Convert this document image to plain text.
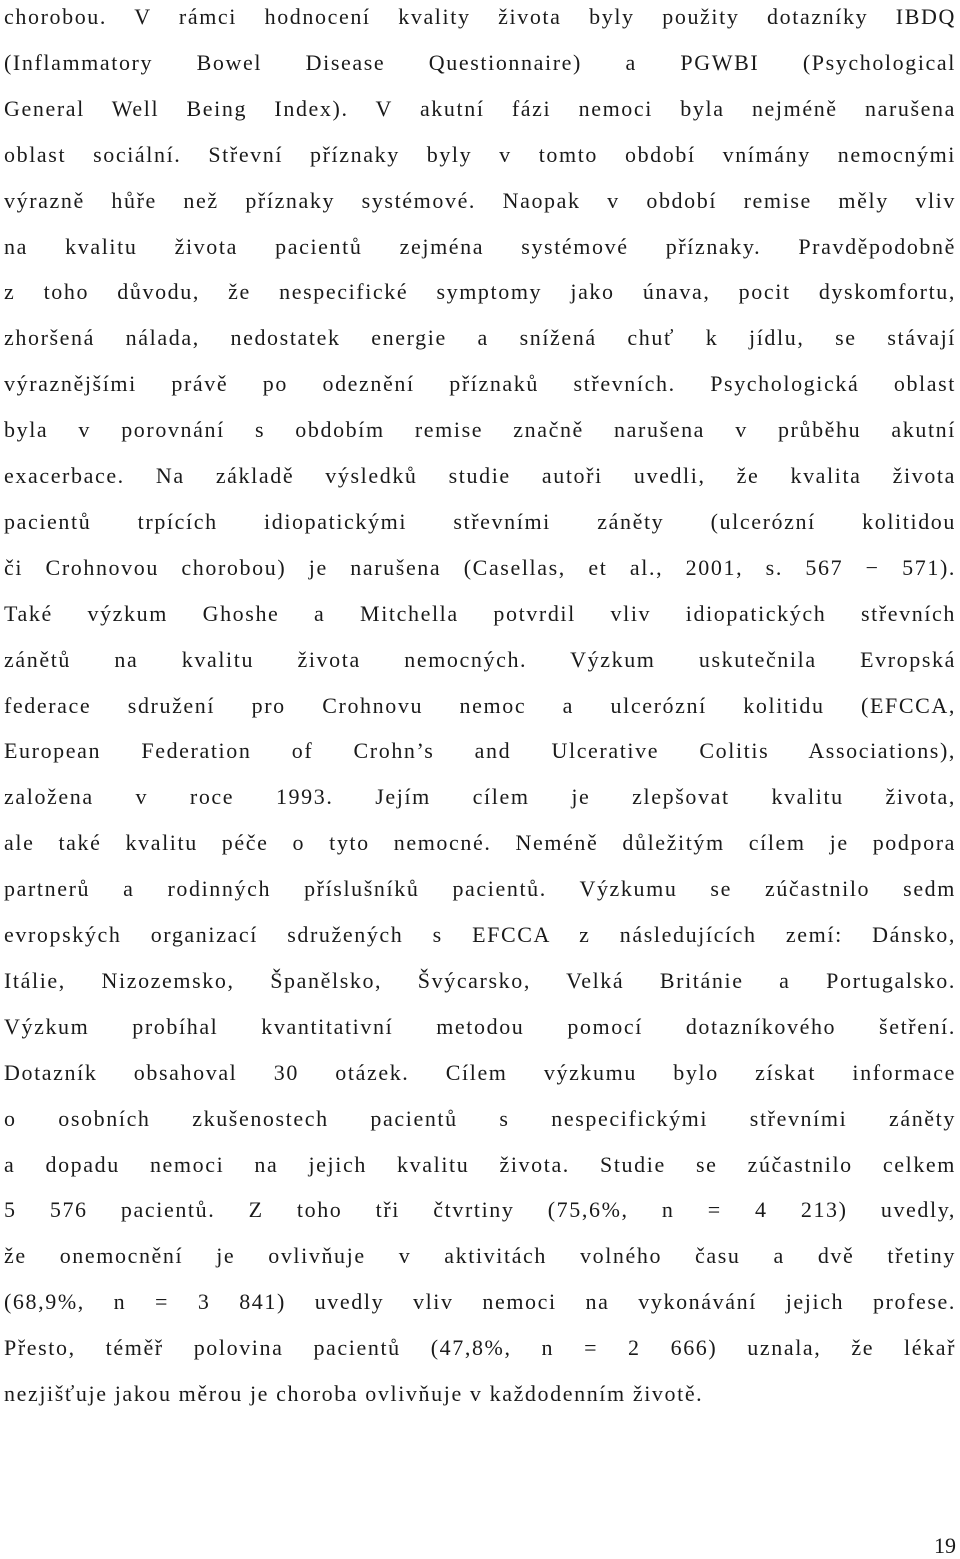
chorobou. V rámci hodnocení kvality života byly použity dotazníky IBDQ
(Inflammatory Bowel Disease Questionnaire) a PGWBI (Psychological
General Well Being Index). V akutní fázi nemoci byla nejméně narušena
oblast sociální. Střevní příznaky byly v tomto období vnímány nemocnými
výrazně hůře než příznaky systémové. Naopak v období remise měly vliv
na kvalitu života pacientů zejména systémové příznaky. Pravděpodobně
z toho důvodu, že nespecifické symptomy jako únava, pocit dyskomfortu,
zhoršená nálada, nedostatek energie a snížená chuť k jídlu, se stávají
výraznějšími právě po odeznění příznaků střevních. Psychologická oblast
byla v porovnání s obdobím remise značně narušena v průběhu akutní
exacerbace. Na základě výsledků studie autoři uvedli, že kvalita života
pacientů trpících idiopatickými střevními záněty (ulcerózní kolitidou
či Crohnovou chorobou) je narušena (Casellas, et al., 2001, s. 567 − 571).
Také výzkum Ghoshe a Mitchella potvrdil vliv idiopatických střevních
zánětů na kvalitu života nemocných. Výzkum uskutečnila Evropská
federace sdružení pro Crohnovu nemoc a ulcerózní kolitidu (EFCCA,
European Federation of Crohn’s and Ulcerative Colitis Associations),
založena v roce 1993. Jejím cílem je zlepšovat kvalitu života,
ale také kvalitu péče o tyto nemocné. Neméně důležitým cílem je podpora
partnerů a rodinných příslušníků pacientů. Výzkumu se zúčastnilo sedm
evropských organizací sdružených s EFCCA z následujících zemí: Dánsko,
Itálie, Nizozemsko, Španělsko, Švýcarsko, Velká Británie a Portugalsko.
Výzkum probíhal kvantitativní metodou pomocí dotazníkového šetření.
Dotazník obsahoval 30 otázek. Cílem výzkumu bylo získat informace
o osobních zkušenostech pacientů s nespecifickými střevními záněty
a dopadu nemoci na jejich kvalitu života. Studie se zúčastnilo celkem
5 576 pacientů. Z toho tři čtvrtiny (75,6%, n = 4 213) uvedly,
že onemocnění je ovlivňuje v aktivitách volného času a dvě třetiny
(68,9%, n = 3 841) uvedly vliv nemoci na vykonávání jejich profese.
Přesto, téměř polovina pacientů (47,8%, n = 2 666) uznala, že lékař
nezjišťuje jakou měrou je choroba ovlivňuje v každodenním životě.
19
